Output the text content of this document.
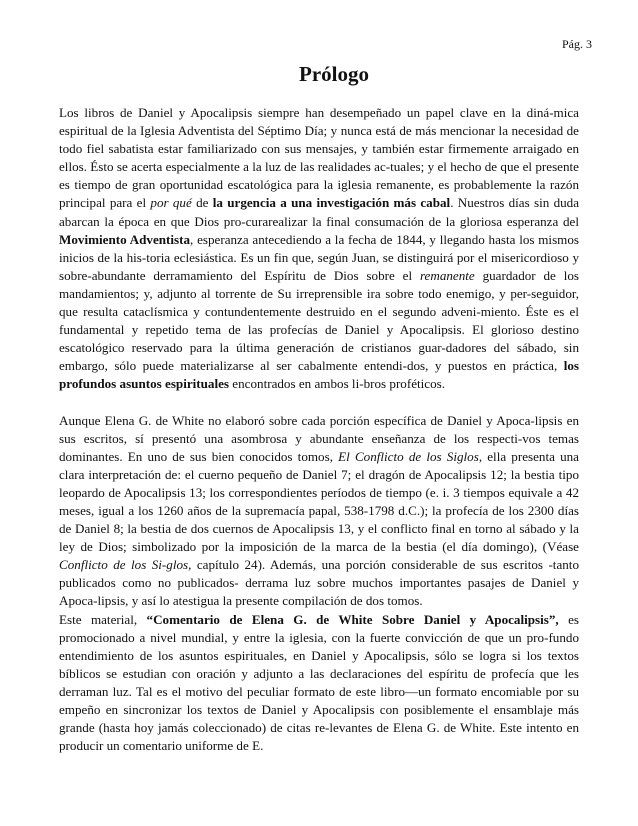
Pág. 3
Prólogo

Los libros de Daniel y Apocalipsis siempre han desempeñado un papel clave en la diná-mica espiritual de la Iglesia Adventista del Séptimo Día; y nunca está de más mencionar la necesidad de todo fiel sabatista estar familiarizado con sus mensajes, y también estar firmemente arraigado en ellos. Ésto se acerta especialmente a la luz de las realidades ac-tuales; y el hecho de que el presente es tiempo de gran oportunidad escatológica para la iglesia remanente, es probablemente la razón principal para el por qué de la urgencia a una investigación más cabal. Nuestros días sin duda abarcan la época en que Dios pro-curarealizar la final consumación de la gloriosa esperanza del Movimiento Adventista, esperanza antecediendo a la fecha de 1844, y llegando hasta los mismos inicios de la his-toria eclesiástica. Es un fin que, según Juan, se distinguirá por el misericordioso y sobre-abundante derramamiento del Espíritu de Dios sobre el remanente guardador de los mandamientos; y, adjunto al torrente de Su irreprensible ira sobre todo enemigo, y per-seguidor, que resulta cataclísmica y contundentemente destruido en el segundo adveni-miento. Éste es el fundamental y repetido tema de las profecías de Daniel y Apocalipsis. El glorioso destino escatológico reservado para la última generación de cristianos guar-dadores del sábado, sin embargo, sólo puede materializarse al ser cabalmente entendi-dos, y puestos en práctica, los profundos asuntos espirituales encontrados en ambos li-bros proféticos.

Aunque Elena G. de White no elaboró sobre cada porción específica de Daniel y Apoca-lipsis en sus escritos, sí presentó una asombrosa y abundante enseñanza de los respecti-vos temas dominantes. En uno de sus bien conocidos tomos, El Conflicto de los Siglos, ella presenta una clara interpretación de: el cuerno pequeño de Daniel 7; el dragón de Apocalipsis 12; la bestia tipo leopardo de Apocalipsis 13; los correspondientes períodos de tiempo (e. i. 3 tiempos equivale a 42 meses, igual a los 1260 años de la supremacía papal, 538-1798 d.C.); la profecía de los 2300 días de Daniel 8; la bestia de dos cuernos de Apocalipsis 13, y el conflicto final en torno al sábado y la ley de Dios; simbolizado por la imposición de la marca de la bestia (el día domingo), (Véase Conflicto de los Si-glos, capítulo 24). Además, una porción considerable de sus escritos -tanto publicados como no publicados- derrama luz sobre muchos importantes pasajes de Daniel y Apoca-lipsis, y así lo atestigua la presente compilación de dos tomos.

Este material, “Comentario de Elena G. de White Sobre Daniel y Apocalipsis”, es promocionado a nivel mundial, y entre la iglesia, con la fuerte convicción de que un pro-fundo entendimiento de los asuntos espirituales, en Daniel y Apocalipsis, sólo se logra si los textos bíblicos se estudian con oración y adjunto a las declaraciones del espíritu de profecía que les derraman luz. Tal es el motivo del peculiar formato de este libro—un formato encomiable por su empeño en sincronizar los textos de Daniel y Apocalipsis con posiblemente el ensamblaje más grande (hasta hoy jamás coleccionado) de citas re-levantes de Elena G. de White. Este intento en producir un comentario uniforme de E.
